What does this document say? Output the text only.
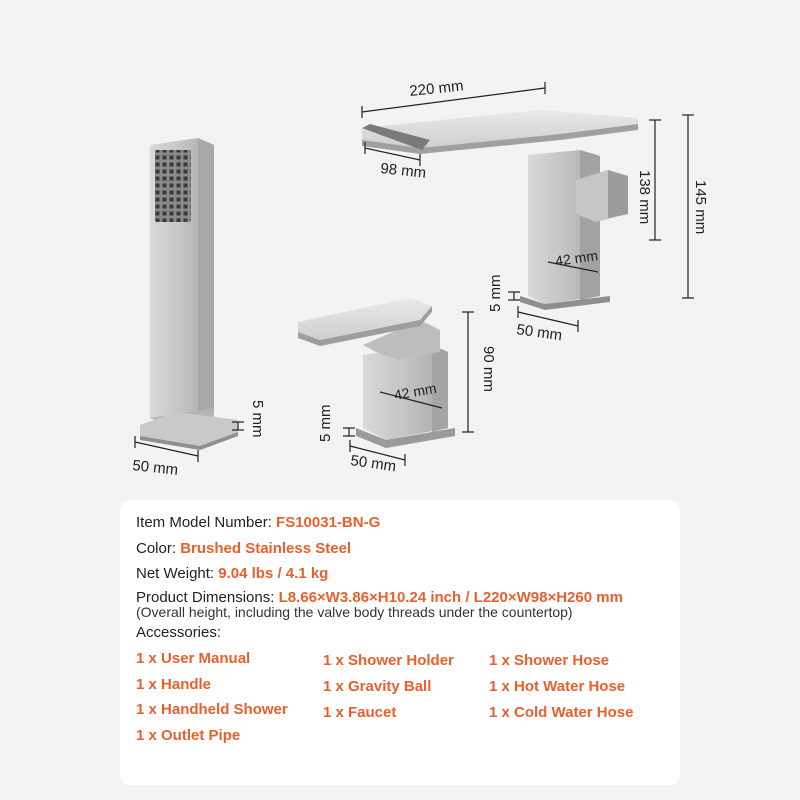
50 mm
5 mm
90 mm
42 mm
50 mm
5 mm
220 mm
98 mm	138 mm	145 mm
42 mm
50 mm
5 mm
Item Model Number: FS10031-BN-G
Color: Brushed Stainless Steel
Net Weight: 9.04 lbs / 4.1 kg
Product Dimensions: L8.66×W3.86×H10.24 inch / L220×W98×H260 mm
(Overall height, including the valve body threads under the countertop)
Accessories:
1 x User Manual
1 x Handle
1 x Handheld Shower
1 x Outlet Pipe
1 x Shower Holder
1 x Gravity Ball
1 x Faucet
1 x Shower Hose
1 x Hot Water Hose
1 x Cold Water Hose
